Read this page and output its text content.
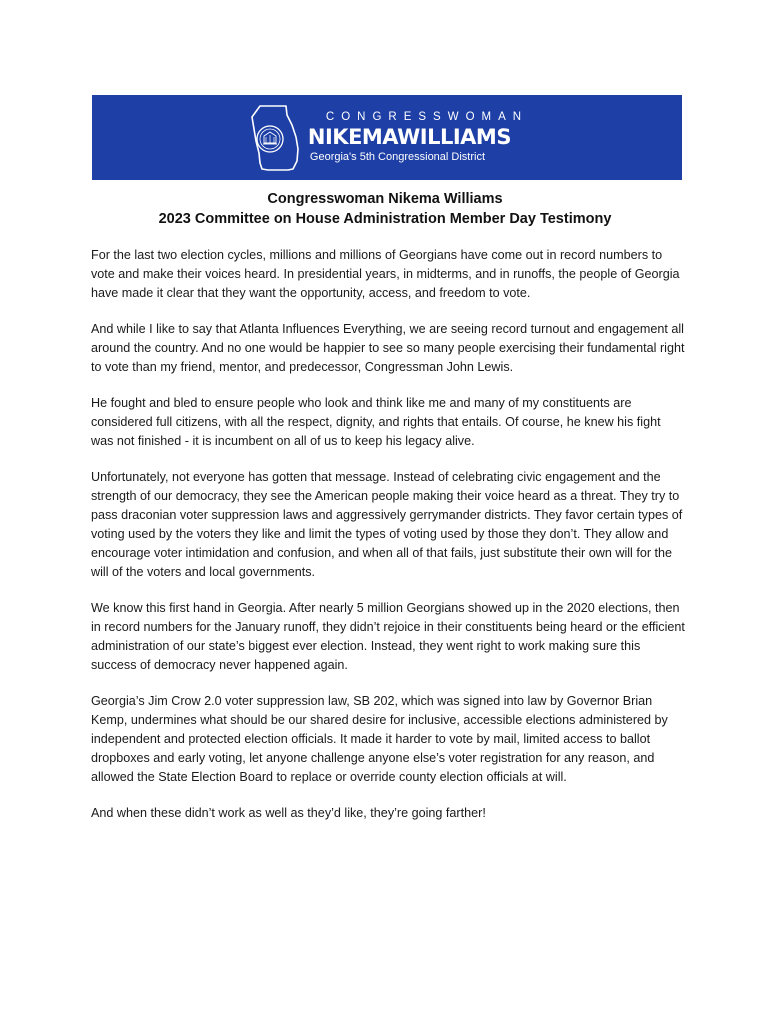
CONGRESSWOMAN
NIKEMAWILLIAMS
Georgia's 5th Congressional District
Congresswoman Nikema Williams
2023 Committee on House Administration Member Day Testimony

For the last two election cycles, millions and millions of Georgians have come out in record numbers to vote and make their voices heard. In presidential years, in midterms, and in runoffs, the people of Georgia have made it clear that they want the opportunity, access, and freedom to vote.

And while I like to say that Atlanta Influences Everything, we are seeing record turnout and engagement all around the country. And no one would be happier to see so many people exercising their fundamental right to vote than my friend, mentor, and predecessor, Congressman John Lewis.

He fought and bled to ensure people who look and think like me and many of my constituents are considered full citizens, with all the respect, dignity, and rights that entails. Of course, he knew his fight was not finished - it is incumbent on all of us to keep his legacy alive.

Unfortunately, not everyone has gotten that message. Instead of celebrating civic engagement and the strength of our democracy, they see the American people making their voice heard as a threat. They try to pass draconian voter suppression laws and aggressively gerrymander districts. They favor certain types of voting used by the voters they like and limit the types of voting used by those they don’t. They allow and encourage voter intimidation and confusion, and when all of that fails, just substitute their own will for the will of the voters and local governments.

We know this first hand in Georgia. After nearly 5 million Georgians showed up in the 2020 elections, then in record numbers for the January runoff, they didn’t rejoice in their constituents being heard or the efficient administration of our state’s biggest ever election. Instead, they went right to work making sure this success of democracy never happened again.

Georgia’s Jim Crow 2.0 voter suppression law, SB 202, which was signed into law by Governor Brian Kemp, undermines what should be our shared desire for inclusive, accessible elections administered by independent and protected election officials. It made it harder to vote by mail, limited access to ballot dropboxes and early voting, let anyone challenge anyone else’s voter registration for any reason, and allowed the State Election Board to replace or override county election officials at will.

And when these didn’t work as well as they’d like, they’re going farther!
